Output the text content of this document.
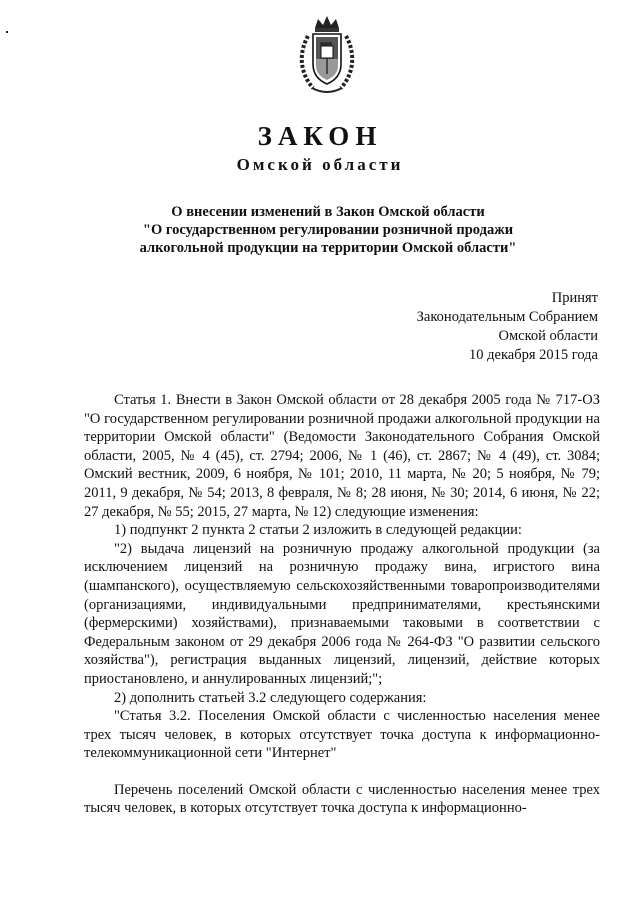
ЗАКОН
Омской области
О внесении изменений в Закон Омской области
"О государственном регулировании розничной продажи
алкогольной продукции на территории Омской области"
Принят
Законодательным Собранием
Омской области
10 декабря 2015 года

Статья 1. Внести в Закон Омской области от 28 декабря 2005 года № 717-ОЗ "О государственном регулировании розничной продажи алкогольной продукции на территории Омской области" (Ведомости Законодательного Собрания Омской области, 2005, № 4 (45), ст. 2794; 2006, № 1 (46), ст. 2867; № 4 (49), ст. 3084; Омский вестник, 2009, 6 ноября, № 101; 2010, 11 марта, № 20; 5 ноября, № 79; 2011, 9 декабря, № 54; 2013, 8 февраля, № 8; 28 июня, № 30; 2014, 6 июня, № 22; 27 декабря, № 55; 2015, 27 марта, № 12) следующие изменения:

1) подпункт 2 пункта 2 статьи 2 изложить в следующей редакции:

"2) выдача лицензий на розничную продажу алкогольной продукции (за исключением лицензий на розничную продажу вина, игристого вина (шампанского), осуществляемую сельскохозяйственными товаропроизводителями (организациями, индивидуальными предпринимателями, крестьянскими (фермерскими) хозяйствами), признаваемыми таковыми в соответствии с Федеральным законом от 29 декабря 2006 года № 264-ФЗ "О развитии сельского хозяйства"), регистрация выданных лицензий, лицензий, действие которых приостановлено, и аннулированных лицензий;";

2) дополнить статьей 3.2 следующего содержания:

"Статья 3.2. Поселения Омской области с численностью населения менее трех тысяч человек, в которых отсутствует точка доступа к информационно-телекоммуникационной сети "Интернет"

Перечень поселений Омской области с численностью населения менее трех тысяч человек, в которых отсутствует точка доступа к информационно-
